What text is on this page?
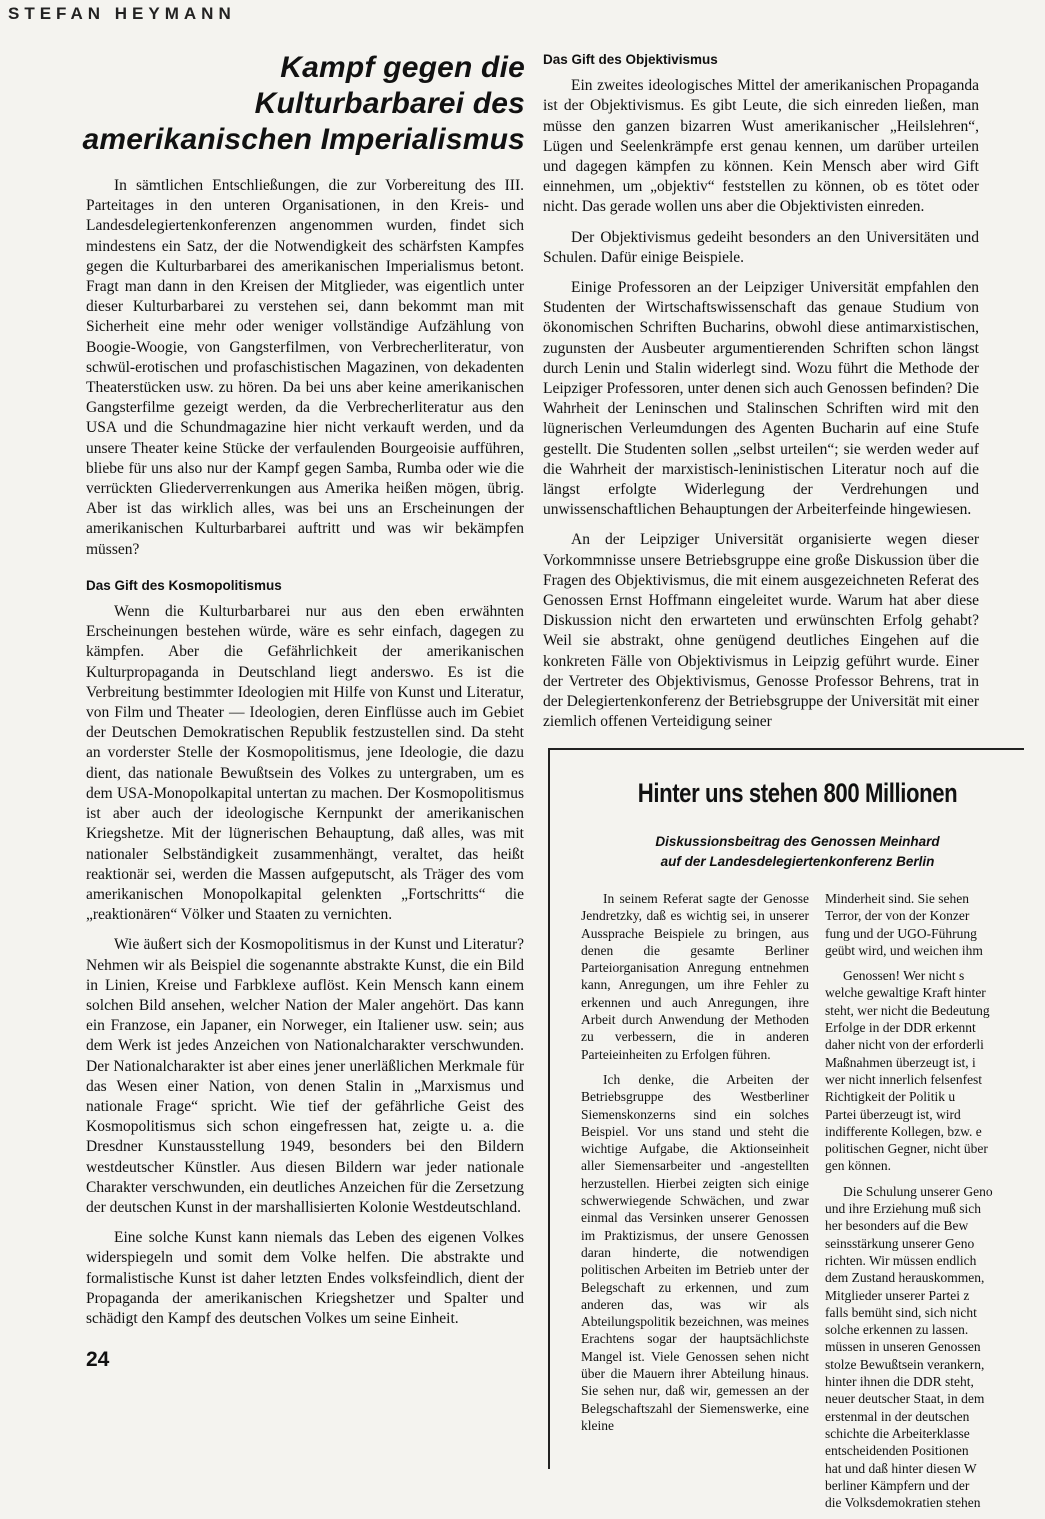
STEFAN HEYMANN
Kampf gegen die Kulturbarbarei des amerikanischen Imperialismus

In sämtlichen Entschließungen, die zur Vorbereitung des III. Parteitages in den unteren Organisationen, in den Kreis- und Landesdelegiertenkonferenzen angenommen wurden, findet sich mindestens ein Satz, der die Notwendigkeit des schärfsten Kampfes gegen die Kulturbarbarei des amerikanischen Imperialismus betont. Fragt man dann in den Kreisen der Mitglieder, was eigentlich unter dieser Kulturbarbarei zu verstehen sei, dann bekommt man mit Sicherheit eine mehr oder weniger vollständige Aufzählung von Boogie-Woogie, von Gangsterfilmen, von Verbrecherliteratur, von schwül-erotischen und profaschistischen Magazinen, von dekadenten Theaterstücken usw. zu hören. Da bei uns aber keine amerikanischen Gangsterfilme gezeigt werden, da die Verbrecherliteratur aus den USA und die Schundmagazine hier nicht verkauft werden, und da unsere Theater keine Stücke der verfaulenden Bourgeoisie aufführen, bliebe für uns also nur der Kampf gegen Samba, Rumba oder wie die verrückten Gliederverrenkungen aus Amerika heißen mögen, übrig. Aber ist das wirklich alles, was bei uns an Erscheinungen der amerikanischen Kulturbarbarei auftritt und was wir bekämpfen müssen?

Das Gift des Kosmopolitismus

Wenn die Kulturbarbarei nur aus den eben erwähnten Erscheinungen bestehen würde, wäre es sehr einfach, dagegen zu kämpfen. Aber die Gefährlichkeit der amerikanischen Kulturpropaganda in Deutschland liegt anderswo. Es ist die Verbreitung bestimmter Ideologien mit Hilfe von Kunst und Literatur, von Film und Theater — Ideologien, deren Einflüsse auch im Gebiet der Deutschen Demokratischen Republik festzustellen sind. Da steht an vorderster Stelle der Kosmopolitismus, jene Ideologie, die dazu dient, das nationale Bewußtsein des Volkes zu untergraben, um es dem USA-Monopolkapital untertan zu machen. Der Kosmopolitismus ist aber auch der ideologische Kernpunkt der amerikanischen Kriegshetze. Mit der lügnerischen Behauptung, daß alles, was mit nationaler Selbständigkeit zusammenhängt, veraltet, das heißt reaktionär sei, werden die Massen aufgeputscht, als Träger des vom amerikanischen Monopolkapital gelenkten „Fortschritts“ die „reaktionären“ Völker und Staaten zu vernichten.

Wie äußert sich der Kosmopolitismus in der Kunst und Literatur? Nehmen wir als Beispiel die sogenannte abstrakte Kunst, die ein Bild in Linien, Kreise und Farbklexe auflöst. Kein Mensch kann einem solchen Bild ansehen, welcher Nation der Maler angehört. Das kann ein Franzose, ein Japaner, ein Norweger, ein Italiener usw. sein; aus dem Werk ist jedes Anzeichen von Nationalcharakter verschwunden. Der Nationalcharakter ist aber eines jener unerläßlichen Merkmale für das Wesen einer Nation, von denen Stalin in „Marxismus und nationale Frage“ spricht. Wie tief der gefährliche Geist des Kosmopolitismus sich schon eingefressen hat, zeigte u. a. die Dresdner Kunstausstellung 1949, besonders bei den Bildern westdeutscher Künstler. Aus diesen Bildern war jeder nationale Charakter verschwunden, ein deutliches Anzeichen für die Zersetzung der deutschen Kunst in der marshallisierten Kolonie Westdeutschland.

Eine solche Kunst kann niemals das Leben des eigenen Volkes widerspiegeln und somit dem Volke helfen. Die abstrakte und formalistische Kunst ist daher letzten Endes volksfeindlich, dient der Propaganda der amerikanischen Kriegshetzer und Spalter und schädigt den Kampf des deutschen Volkes um seine Einheit.

24
Das Gift des Objektivismus

Ein zweites ideologisches Mittel der amerikanischen Propaganda ist der Objektivismus. Es gibt Leute, die sich einreden ließen, man müsse den ganzen bizarren Wust amerikanischer „Heilslehren“, Lügen und Seelenkrämpfe erst genau kennen, um darüber urteilen und dagegen kämpfen zu können. Kein Mensch aber wird Gift einnehmen, um „objektiv“ feststellen zu können, ob es tötet oder nicht. Das gerade wollen uns aber die Objektivisten einreden.

Der Objektivismus gedeiht besonders an den Universitäten und Schulen. Dafür einige Beispiele.

Einige Professoren an der Leipziger Universität empfahlen den Studenten der Wirtschaftswissenschaft das genaue Studium von ökonomischen Schriften Bucharins, obwohl diese antimarxistischen, zugunsten der Ausbeuter argumentierenden Schriften schon längst durch Lenin und Stalin widerlegt sind. Wozu führt die Methode der Leipziger Professoren, unter denen sich auch Genossen befinden? Die Wahrheit der Leninschen und Stalinschen Schriften wird mit den lügnerischen Verleumdungen des Agenten Bucharin auf eine Stufe gestellt. Die Studenten sollen „selbst urteilen“; sie werden weder auf die Wahrheit der marxistisch-leninistischen Literatur noch auf die längst erfolgte Widerlegung der Verdrehungen und unwissenschaftlichen Behauptungen der Arbeiterfeinde hingewiesen.

An der Leipziger Universität organisierte wegen dieser Vorkommnisse unsere Betriebsgruppe eine große Diskussion über die Fragen des Objektivismus, die mit einem ausgezeichneten Referat des Genossen Ernst Hoffmann eingeleitet wurde. Warum hat aber diese Diskussion nicht den erwarteten und erwünschten Erfolg gehabt? Weil sie abstrakt, ohne genügend deutliches Eingehen auf die konkreten Fälle von Objektivismus in Leipzig geführt wurde. Einer der Vertreter des Objektivismus, Genosse Professor Behrens, trat in der Delegiertenkonferenz der Betriebsgruppe der Universität mit einer ziemlich offenen Verteidigung seiner

Hinter uns stehen 800 Millionen
Diskussionsbeitrag des Genossen Meinhard
auf der Landesdelegiertenkonferenz Berlin

In seinem Referat sagte der Genosse Jendretzky, daß es wichtig sei, in unserer Aussprache Beispiele zu bringen, aus denen die gesamte Berliner Parteiorganisation Anregung entnehmen kann, Anregungen, um ihre Fehler zu erkennen und auch Anregungen, ihre Arbeit durch Anwendung der Methoden zu verbessern, die in anderen Parteieinheiten zu Erfolgen führen.

Ich denke, die Arbeiten der Betriebsgruppe des Westberliner Siemenskonzerns sind ein solches Beispiel. Vor uns stand und steht die wichtige Aufgabe, die Aktionseinheit aller Siemensarbeiter und -angestellten herzustellen. Hierbei zeigten sich einige schwerwiegende Schwächen, und zwar einmal das Versinken unserer Genossen im Praktizismus, der unsere Genossen daran hinderte, die notwendigen politischen Arbeiten im Betrieb unter der Belegschaft zu erkennen, und zum anderen das, was wir als Abteilungspolitik bezeichnen, was meines Erachtens sogar der hauptsächlichste Mangel ist. Viele Genossen sehen nicht über die Mauern ihrer Abteilung hinaus. Sie sehen nur, daß wir, gemessen an der Belegschaftszahl der Siemenswerke, eine kleine

Minderheit sind. Sie sehen
Terror, der von der Konzer
fung und der UGO-Führung
geübt wird, und weichen ihm

Genossen! Wer nicht s
welche gewaltige Kraft hinter
steht, wer nicht die Bedeutung
Erfolge in der DDR erkennt
daher nicht von der erforderli
Maßnahmen überzeugt ist, i
wer nicht innerlich felsenfest
Richtigkeit der Politik u
Partei überzeugt ist, wird
indifferente Kollegen, bzw. e
politischen Gegner, nicht über
gen können.

Die Schulung unserer Geno
und ihre Erziehung muß sich
her besonders auf die Bew
seinsstärkung unserer Geno
richten. Wir müssen endlich
dem Zustand herauskommen,
Mitglieder unserer Partei z
falls bemüht sind, sich nicht
solche erkennen zu lassen.
müssen in unseren Genossen
stolze Bewußtsein verankern,
hinter ihnen die DDR steht,
neuer deutscher Staat, in dem
erstenmal in der deutschen
schichte die Arbeiterklasse
entscheidenden Positionen
hat und daß hinter diesen W
berliner Kämpfern und der
die Volksdemokratien stehen
